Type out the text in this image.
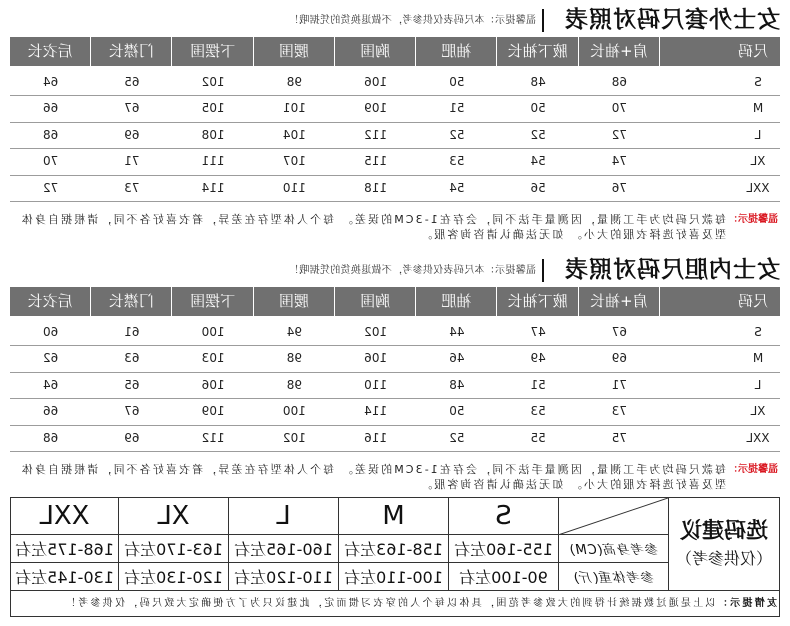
女士外套尺码对照表
温馨提示：本尺码表仅供参考，不做退换货的凭据哦！
尺码
肩+袖长
腋下袖长
袖肥
胸围
腰围
下摆围
门襟长
后衣长
S
68
48
50
106
98
102
65
64
M
70
50
51
109
101
105
67
66
L
72
52
52
112
104
108
69
68
XL
74
54
53
115
107
111
71
70
XXL
76
56
54
118
110
114
73
72
温馨提示：
每款尺码均为手工测量，因测量手法不同，会存在1-3CM的误差。 每个人体型存在差异，着衣喜好各不同，请根据自身体型及喜好选择衣服的大小。 如无法确认请咨询客服。
女士内胆尺码对照表
温馨提示：本尺码表仅供参考，不做退换货的凭据哦！
尺码
肩+袖长
腋下袖长
袖肥
胸围
腰围
下摆围
门襟长
后衣长
S
67
47
44
102
94
100
61
60
M
69
49
46
106
98
103
63
62
L
71
51
48
110
98
106
65
64
XL
73
53
50
114
100
109
67
66
XXL
75
55
52
116
102
112
69
68
温馨提示：
每款尺码均为手工测量，因测量手法不同，会存在1-3CM的误差。 每个人体型存在差异，着衣喜好各不同，请根据自身体型及喜好选择衣服的大小。 如无法确认请咨询客服。
选码建议
（仅供参考）
参考身高(CM)
参考体重(斤)
S
155-160左右
90-100左右
M
158-163左右
100-110左右
L
160-165左右
110-120左右
XL
163-170左右
120-130左右
XXL
168-175左右
130-145左右
友情提示：以上是通过数据统计得到的大致参考范围，具体以每个人的穿衣习惯而定，此建议只为了方便确定大致尺码，仅供参考！
